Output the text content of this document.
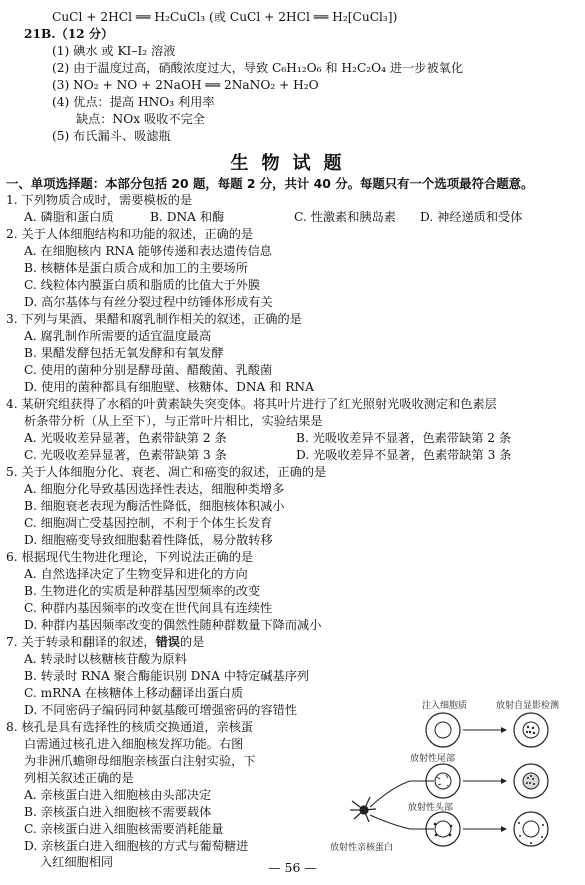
CuCl + 2HCl ══ H₂CuCl₃ (或 CuCl + 2HCl ══ H₂[CuCl₃])
21B.（12 分）
(1) 碘水 或 KI–I₂ 溶液
(2) 由于温度过高，硝酸浓度过大，导致 C₆H₁₂O₆ 和 H₂C₂O₄ 进一步被氧化
(3) NO₂ + NO + 2NaOH ══ 2NaNO₂ + H₂O
(4) 优点：提高 HNO₃ 利用率
缺点：NOx 吸收不完全
(5) 布氏漏斗、吸滤瓶
生物试题
一、单项选择题：本部分包括 20 题，每题 2 分，共计 40 分。每题只有一个选项最符合题意。
1. 下列物质合成时，需要模板的是
A. 磷脂和蛋白质	B. DNA 和酶	C. 性激素和胰岛素 D. 神经递质和受体
2. 关于人体细胞结构和功能的叙述，正确的是
A. 在细胞核内 RNA 能够传递和表达遗传信息
B. 核糖体是蛋白质合成和加工的主要场所
C. 线粒体内膜蛋白质和脂质的比值大于外膜
D. 高尔基体与有丝分裂过程中纺锤体形成有关
3. 下列与果酒、果醋和腐乳制作相关的叙述，正确的是
A. 腐乳制作所需要的适宜温度最高
B. 果醋发酵包括无氧发酵和有氧发酵
C. 使用的菌种分别是酵母菌、醋酸菌、乳酸菌
D. 使用的菌种都具有细胞壁、核糖体、DNA 和 RNA
4. 某研究组获得了水稻的叶黄素缺失突变体。将其叶片进行了红光照射光吸收测定和色素层
析条带分析（从上至下），与正常叶片相比，实验结果是
A. 光吸收差异显著，色素带缺第 2 条	B. 光吸收差异不显著，色素带缺第 2 条
C. 光吸收差异显著，色素带缺第 3 条	D. 光吸收差异不显著，色素带缺第 3 条
5. 关于人体细胞分化、衰老、凋亡和癌变的叙述，正确的是
A. 细胞分化导致基因选择性表达，细胞种类增多
B. 细胞衰老表现为酶活性降低，细胞核体积减小
C. 细胞凋亡受基因控制，不利于个体生长发育
D. 细胞癌变导致细胞黏着性降低，易分散转移
6. 根据现代生物进化理论，下列说法正确的是
A. 自然选择决定了生物变异和进化的方向
B. 生物进化的实质是种群基因型频率的改变
C. 种群内基因频率的改变在世代间具有连续性
D. 种群内基因频率改变的偶然性随种群数量下降而减小
7. 关于转录和翻译的叙述，错误的是
A. 转录时以核糖核苷酸为原料
B. 转录时 RNA 聚合酶能识别 DNA 中特定碱基序列
C. mRNA 在核糖体上移动翻译出蛋白质
D. 不同密码子编码同种氨基酸可增强密码的容错性
8. 核孔是具有选择性的核质交换通道，亲核蛋
白需通过核孔进入细胞核发挥功能。右图
为非洲爪蟾卵母细胞亲核蛋白注射实验，下
列相关叙述正确的是
A. 亲核蛋白进入细胞核由头部决定
B. 亲核蛋白进入细胞核不需要载体
C. 亲核蛋白进入细胞核需要消耗能量
D. 亲核蛋白进入细胞核的方式与葡萄糖进
入红细胞相同
注入细胞质	放射自显影检测
放射性尾部
放射性头部
放射性亲核蛋白
— 56 —
